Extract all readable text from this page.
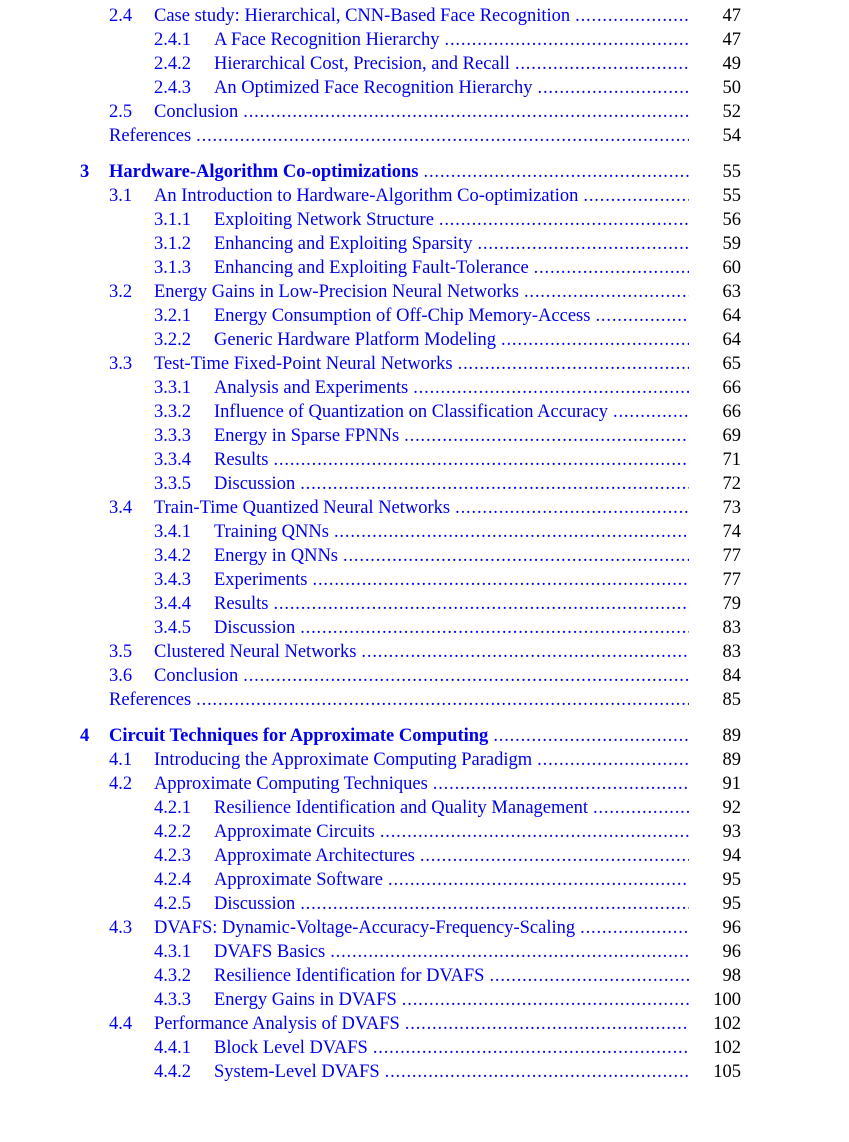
2.4	Case study: Hierarchical, CNN-Based Face Recognition . . .	47
2.4.1	A Face Recognition Hierarchy . . .	47
2.4.2	Hierarchical Cost, Precision, and Recall . . .	49
2.4.3	An Optimized Face Recognition Hierarchy . . .	50
2.5	Conclusion . . .	52
References . . .	54
3	Hardware-Algorithm Co-optimizations . . .	55
3.1	An Introduction to Hardware-Algorithm Co-optimization . . .	55
3.1.1	Exploiting Network Structure . . .	56
3.1.2	Enhancing and Exploiting Sparsity . . .	59
3.1.3	Enhancing and Exploiting Fault-Tolerance . . .	60
3.2	Energy Gains in Low-Precision Neural Networks . . .	63
3.2.1	Energy Consumption of Off-Chip Memory-Access . . .	64
3.2.2	Generic Hardware Platform Modeling . . .	64
3.3	Test-Time Fixed-Point Neural Networks . . .	65
3.3.1	Analysis and Experiments . . .	66
3.3.2	Influence of Quantization on Classification Accuracy . . .	66
3.3.3	Energy in Sparse FPNNs . . .	69
3.3.4	Results . . .	71
3.3.5	Discussion . . .	72
3.4	Train-Time Quantized Neural Networks . . .	73
3.4.1	Training QNNs . . .	74
3.4.2	Energy in QNNs . . .	77
3.4.3	Experiments . . .	77
3.4.4	Results . . .	79
3.4.5	Discussion . . .	83
3.5	Clustered Neural Networks . . .	83
3.6	Conclusion . . .	84
References . . .	85
4	Circuit Techniques for Approximate Computing . . .	89
4.1	Introducing the Approximate Computing Paradigm . . .	89
4.2	Approximate Computing Techniques . . .	91
4.2.1	Resilience Identification and Quality Management . . .	92
4.2.2	Approximate Circuits . . .	93
4.2.3	Approximate Architectures . . .	94
4.2.4	Approximate Software . . .	95
4.2.5	Discussion . . .	95
4.3	DVAFS: Dynamic-Voltage-Accuracy-Frequency-Scaling . . .	96
4.3.1	DVAFS Basics . . .	96
4.3.2	Resilience Identification for DVAFS . . .	98
4.3.3	Energy Gains in DVAFS . . .	100
4.4	Performance Analysis of DVAFS . . .	102
4.4.1	Block Level DVAFS . . .	102
4.4.2	System-Level DVAFS . . .	105
